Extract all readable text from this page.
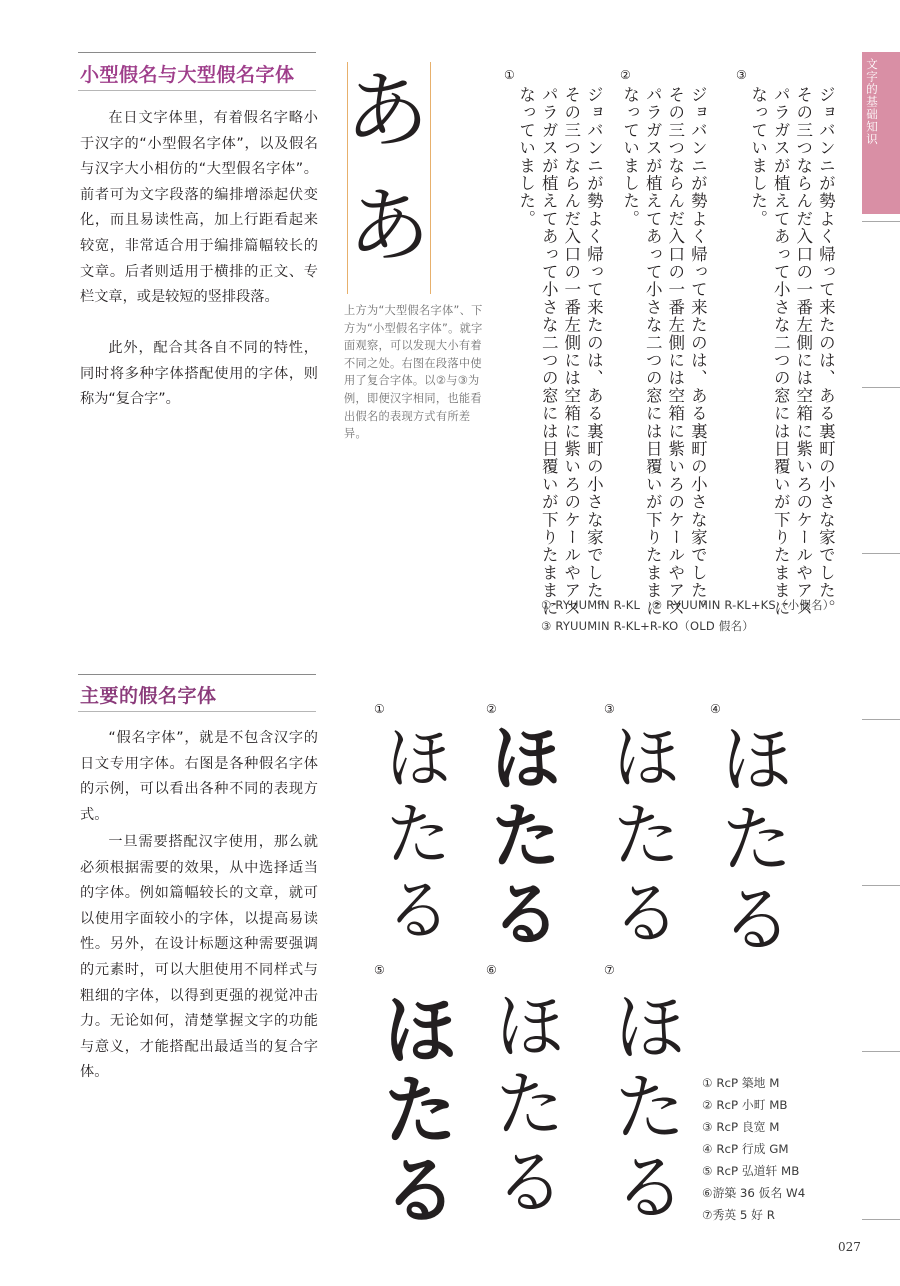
文字的基础知识
小型假名与大型假名字体

在日文字体里，有着假名字略小于汉字的“小型假名字体”，以及假名与汉字大小相仿的“大型假名字体”。前者可为文字段落的编排增添起伏变化，而且易读性高，加上行距看起来较宽，非常适合用于编排篇幅较长的文章。后者则适用于横排的正文、专栏文章，或是较短的竖排段落。

此外，配合其各自不同的特性，同时将多种字体搭配使用的字体，则称为“复合字”。

あ
あ

上方为“大型假名字体”、下方为“小型假名字体”。就字面观察，可以发现大小有着不同之处。右图在段落中使用了复合字体。以②与③为例，即便汉字相同，也能看出假名的表现方式有所差异。

③
ジョバンニが勢よく帰って来たのは、ある裏町の小さな家でした。
その三つならんだ入口の一番左側には空箱に紫いろのケールやアス
パラガスが植えてあって小さな二つの窓には日覆いが下りたままに
なっていました。
②
ジョバンニが勢よく帰って来たのは、ある裏町の小さな家でした。
その三つならんだ入口の一番左側には空箱に紫いろのケールやアス
パラガスが植えてあって小さな二つの窓には日覆いが下りたままに
なっていました。
①
ジョバンニが勢よく帰って来たのは、ある裏町の小さな家でした。
その三つならんだ入口の一番左側には空箱に紫いろのケールやアス
パラガスが植えてあって小さな二つの窓には日覆いが下りたままに
なっていました。
① RYUUMIN R-KL　② RYUUMIN R-KL+KS（小假名）
③ RYUUMIN R-KL+R-KO（OLD 假名）
主要的假名字体

“假名字体”，就是不包含汉字的日文专用字体。右图是各种假名字体的示例，可以看出各种不同的表现方式。

一旦需要搭配汉字使用，那么就必须根据需要的效果，从中选择适当的字体。例如篇幅较长的文章，就可以使用字面较小的字体，以提高易读性。另外，在设计标题这种需要强调的元素时，可以大胆使用不同样式与粗细的字体，以得到更强的视觉冲击力。无论如何，清楚掌握文字的功能与意义，才能搭配出最适当的复合字体。

①
ほたる
②
ほたる
③
ほたる
④
ほたる
⑤
ほたる
⑥
ほたる
⑦
ほたる ① RcP 築地 M
② RcP 小町 MB
③ RcP 良宽 M
④ RcP 行成 GM
⑤ RcP 弘道轩 MB
⑥游築 36 仮名 W4
⑦秀英 5 好 R
027
